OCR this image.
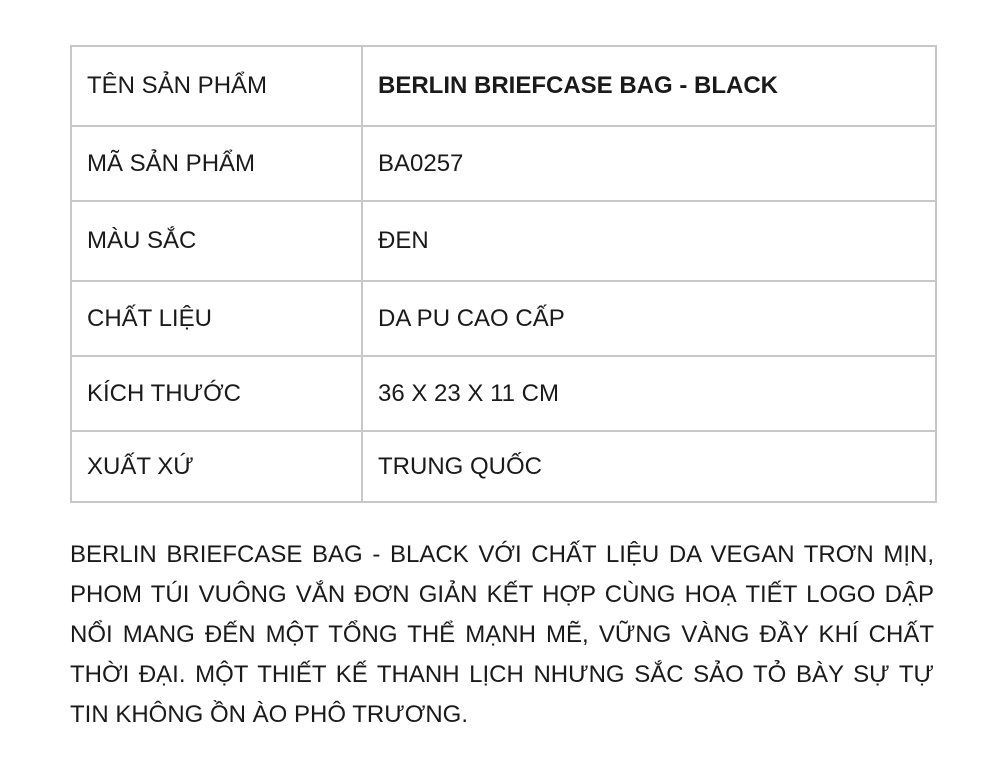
TÊN SẢN PHẨM	BERLIN BRIEFCASE BAG - BLACK
MÃ SẢN PHẨM	BA0257
MÀU SẮC	ĐEN
CHẤT LIỆU	DA PU CAO CẤP
KÍCH THƯỚC	36 X 23 X 11 CM
XUẤT XỨ	TRUNG QUỐC

BERLIN BRIEFCASE BAG - BLACK VỚI CHẤT LIỆU DA VEGAN TRƠN MỊN, PHOM TÚI VUÔNG VẮN ĐƠN GIẢN KẾT HỢP CÙNG HOẠ TIẾT LOGO DẬP NỔI MANG ĐẾN MỘT TỔNG THỂ MẠNH MẼ, VỮNG VÀNG ĐẦY KHÍ CHẤT THỜI ĐẠI. MỘT THIẾT KẾ THANH LỊCH NHƯNG SẮC SẢO TỎ BÀY SỰ TỰ TIN KHÔNG ỒN ÀO PHÔ TRƯƠNG.
